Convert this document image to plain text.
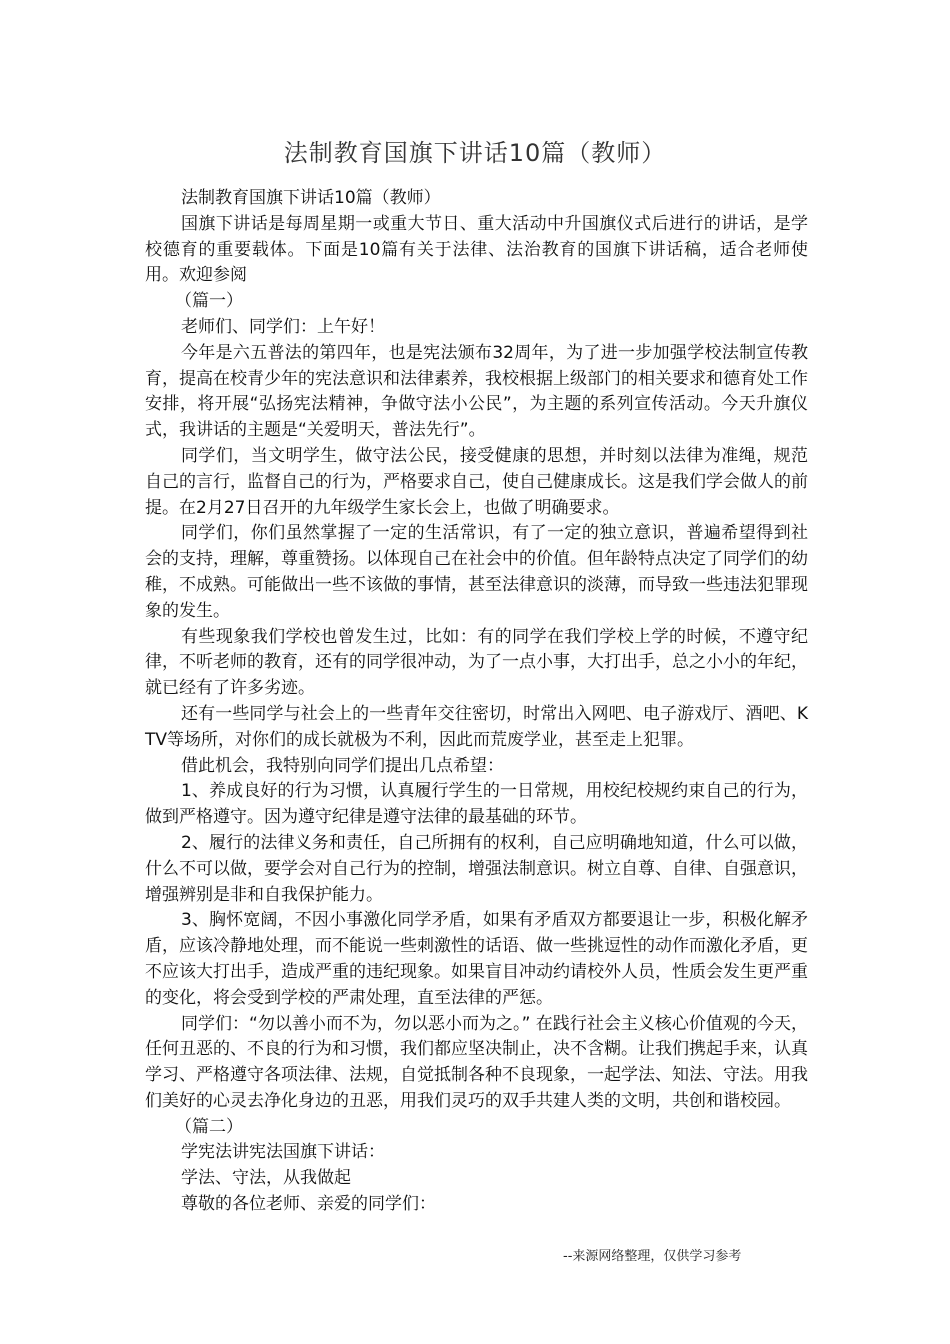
法制教育国旗下讲话10篇（教师）

法制教育国旗下讲话10篇（教师）

国旗下讲话是每周星期一或重大节日、重大活动中升国旗仪式后进行的讲话，是学校德育的重要载体。下面是10篇有关于法律、法治教育的国旗下讲话稿，适合老师使用。欢迎参阅

（篇一）

老师们、同学们：上午好！

今年是六五普法的第四年，也是宪法颁布32周年，为了进一步加强学校法制宣传教育，提高在校青少年的宪法意识和法律素养，我校根据上级部门的相关要求和德育处工作安排，将开展“弘扬宪法精神，争做守法小公民”，为主题的系列宣传活动。今天升旗仪式，我讲话的主题是“关爱明天，普法先行”。

同学们，当文明学生，做守法公民，接受健康的思想，并时刻以法律为准绳，规范自己的言行，监督自己的行为，严格要求自己，使自己健康成长。这是我们学会做人的前提。在2月27日召开的九年级学生家长会上，也做了明确要求。

同学们，你们虽然掌握了一定的生活常识，有了一定的独立意识，普遍希望得到社会的支持，理解，尊重赞扬。以体现自己在社会中的价值。但年龄特点决定了同学们的幼稚，不成熟。可能做出一些不该做的事情，甚至法律意识的淡薄，而导致一些违法犯罪现象的发生。

有些现象我们学校也曾发生过，比如：有的同学在我们学校上学的时候，不遵守纪律，不听老师的教育，还有的同学很冲动，为了一点小事，大打出手，总之小小的年纪，就已经有了许多劣迹。

还有一些同学与社会上的一些青年交往密切，时常出入网吧、电子游戏厅、酒吧、KTV等场所，对你们的成长就极为不利，因此而荒废学业，甚至走上犯罪。

借此机会，我特别向同学们提出几点希望：

1、养成良好的行为习惯，认真履行学生的一日常规，用校纪校规约束自己的行为，做到严格遵守。因为遵守纪律是遵守法律的最基础的环节。

2、履行的法律义务和责任，自己所拥有的权利，自己应明确地知道，什么可以做，什么不可以做，要学会对自己行为的控制，增强法制意识。树立自尊、自律、自强意识，增强辨别是非和自我保护能力。

3、胸怀宽阔，不因小事激化同学矛盾，如果有矛盾双方都要退让一步，积极化解矛盾，应该冷静地处理，而不能说一些刺激性的话语、做一些挑逗性的动作而激化矛盾，更不应该大打出手，造成严重的违纪现象。如果盲目冲动约请校外人员，性质会发生更严重的变化，将会受到学校的严肃处理，直至法律的严惩。

同学们：“勿以善小而不为，勿以恶小而为之。” 在践行社会主义核心价值观的今天，任何丑恶的、不良的行为和习惯，我们都应坚决制止，决不含糊。让我们携起手来，认真学习、严格遵守各项法律、法规，自觉抵制各种不良现象，一起学法、知法、守法。用我们美好的心灵去净化身边的丑恶，用我们灵巧的双手共建人类的文明，共创和谐校园。

（篇二）

学宪法讲宪法国旗下讲话：

学法、守法，从我做起

尊敬的各位老师、亲爱的同学们：

--来源网络整理，仅供学习参考
